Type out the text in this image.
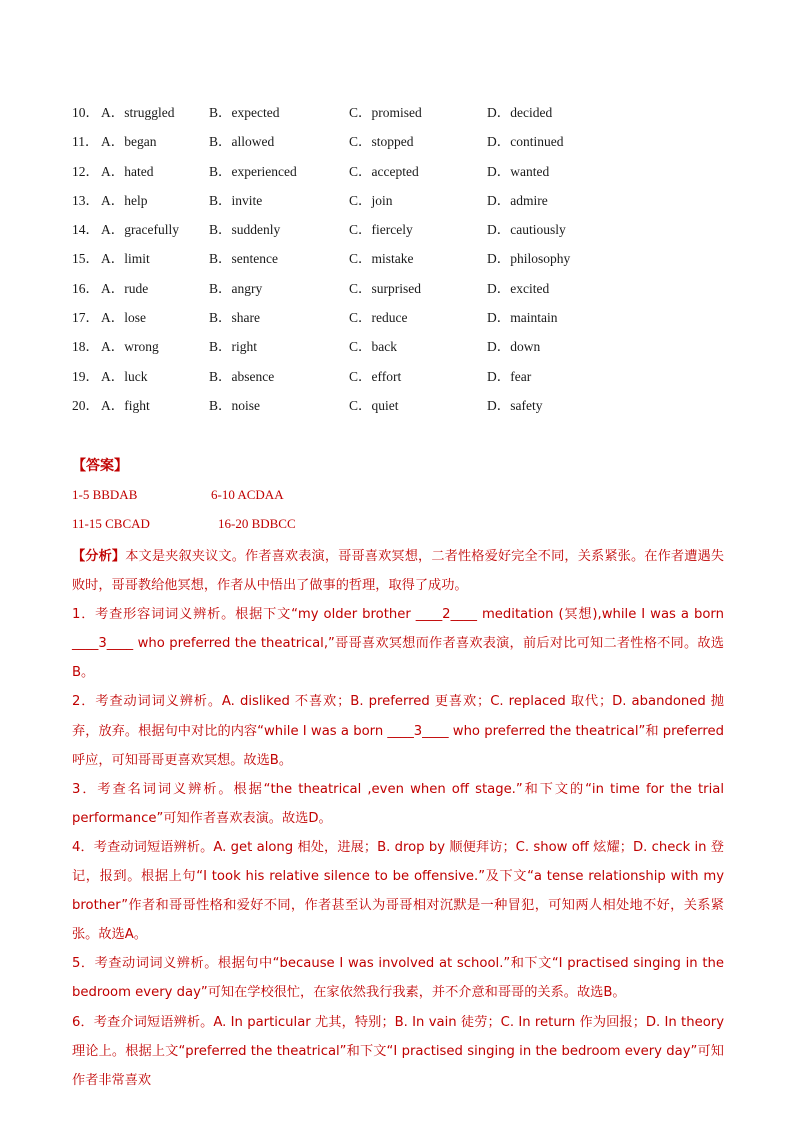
10． A．struggled	B．expected	C．promised	D．decided
11． A．began	B．allowed	C．stopped	D．continued
12． A．hated	B．experienced	C．accepted	D．wanted
13． A．help	B．invite	C．join	D．admire
14． A．gracefully B．suddenly	C．fiercely	D．cautiously
15． A．limit	B．sentence	C．mistake	D．philosophy
16． A．rude	B．angry	C．surprised	D．excited
17． A．lose	B．share	C．reduce	D．maintain
18． A．wrong	B．right	C．back	D．down
19． A．luck	B．absence	C．effort	D．fear
20． A．fight	B．noise	C．quiet	D．safety
【答案】
1-5 BBDAB	6-10 ACDAA
11-15 CBCAD	16-20 BDBCC

【分析】本文是夹叙夹议文。作者喜欢表演，哥哥喜欢冥想，二者性格爱好完全不同，关系紧张。在作者遭遇失败时，哥哥教给他冥想，作者从中悟出了做事的哲理，取得了成功。

1．考查形容词词义辨析。根据下文“my older brother ____2____ meditation (冥想),while I was a born ____3____ who preferred the theatrical,”哥哥喜欢冥想而作者喜欢表演，前后对比可知二者性格不同。故选B。

2．考查动词词义辨析。A. disliked 不喜欢；B. preferred 更喜欢；C. replaced 取代；D. abandoned 抛弃，放弃。根据句中对比的内容“while I was a born ____3____ who preferred the theatrical”和 preferred 呼应，可知哥哥更喜欢冥想。故选B。

3．考查名词词义辨析。根据“the theatrical ,even when off stage.”和下文的“in time for the trial performance”可知作者喜欢表演。故选D。

4．考查动词短语辨析。A. get along 相处，进展；B. drop by 顺便拜访；C. show off 炫耀；D. check in 登记，报到。根据上句“I took his relative silence to be offensive.”及下文“a tense relationship with my brother”作者和哥哥性格和爱好不同，作者甚至认为哥哥相对沉默是一种冒犯，可知两人相处地不好，关系紧张。故选A。

5．考查动词词义辨析。根据句中“because I was involved at school.”和下文“I practised singing in the bedroom every day”可知在学校很忙，在家依然我行我素，并不介意和哥哥的关系。故选B。

6．考查介词短语辨析。A. In particular 尤其，特别；B. In vain 徒劳；C. In return 作为回报；D. In theory 理论上。根据上文“preferred the theatrical”和下文“I practised singing in the bedroom every day”可知作者非常喜欢
